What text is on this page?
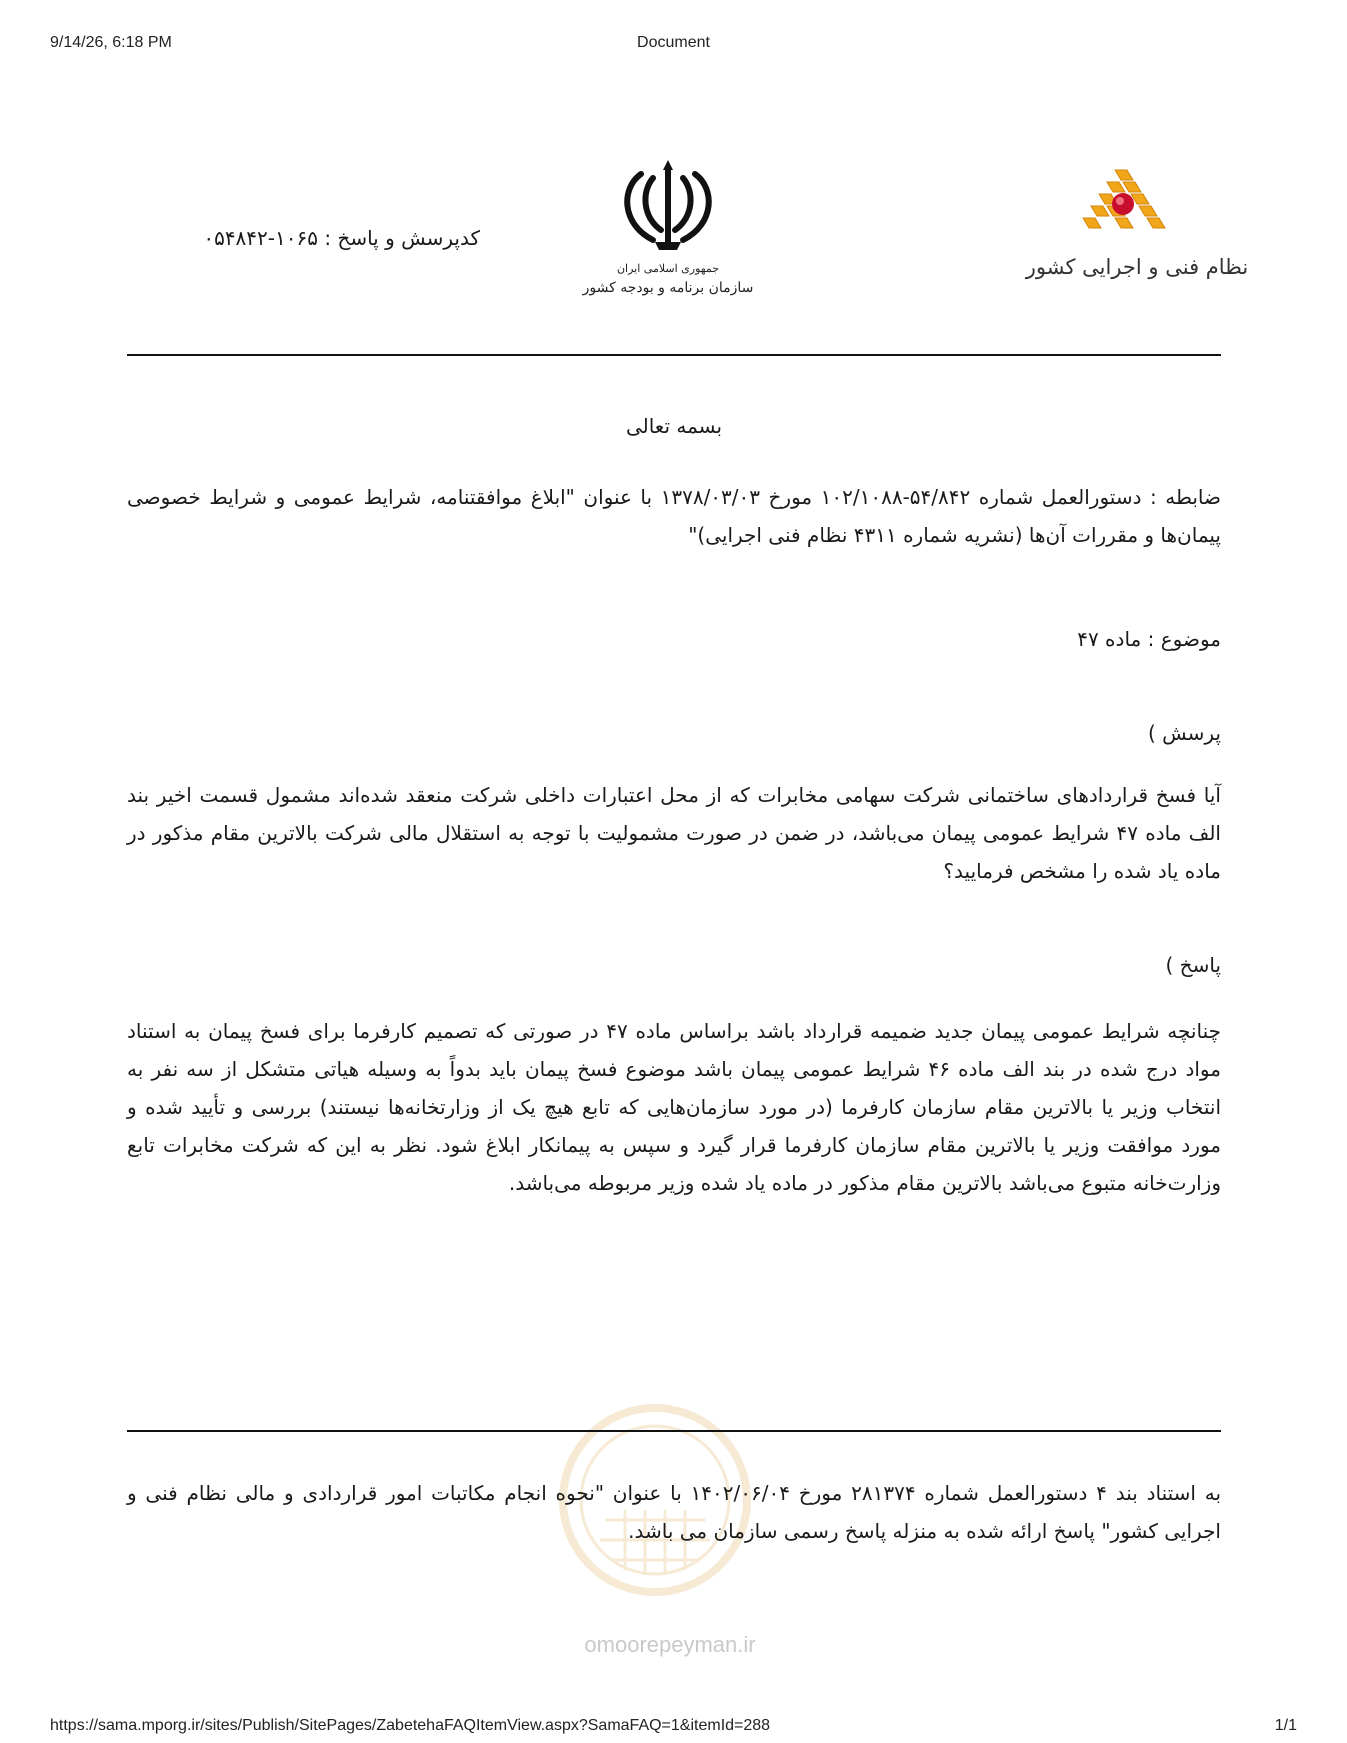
9/14/26, 6:18 PM	Document
نظام فنی و اجرایی کشور
جمهوری اسلامی ایران
سازمان برنامه و بودجه کشور
کدپرسش و پاسخ : ۱۰۶۵-۰۵۴۸۴۲
بسمه تعالی
ضابطه : دستورالعمل شماره ۵۴/۸۴۲-۱۰۲/۱۰۸۸ مورخ ۱۳۷۸/۰۳/۰۳ با عنوان "ابلاغ موافقتنامه، شرایط عمومی و شرایط خصوصی پیمان‌ها و مقررات آن‌ها (نشریه شماره ۴۳۱۱ نظام فنی اجرایی)"
موضوع : ماده ۴۷
پرسش )
آیا فسخ قراردادهای ساختمانی شرکت سهامی مخابرات که از محل اعتبارات داخلی شرکت منعقد شده‌اند مشمول قسمت اخیر بند الف ماده ۴۷ شرایط عمومی پیمان می‌باشد، در ضمن در صورت مشمولیت با توجه به استقلال مالی شرکت بالاترین مقام مذکور در ماده یاد شده را مشخص فرمایید؟
پاسخ )
چنانچه شرایط عمومی پیمان جدید ضمیمه قرارداد باشد براساس ماده ۴۷ در صورتی که تصمیم کارفرما برای فسخ پیمان به استناد مواد درج شده در بند الف ماده ۴۶ شرایط عمومی پیمان باشد موضوع فسخ پیمان باید بدواً به وسیله هیاتی متشکل از سه نفر به انتخاب وزیر یا بالاترین مقام سازمان کارفرما (در مورد سازمان‌هایی که تابع هیچ یک از وزارتخانه‌ها نیستند) بررسی و تأیید شده و مورد موافقت وزیر یا بالاترین مقام سازمان کارفرما قرار گیرد و سپس به پیمانکار ابلاغ شود. نظر به این که شرکت مخابرات تابع وزارت‌خانه متبوع می‌باشد بالاترین مقام مذکور در ماده یاد شده وزیر مربوطه می‌باشد.
omoorepeyman.ir
به استناد بند ۴ دستورالعمل شماره ۲۸۱۳۷۴ مورخ ۱۴۰۲/۰۶/۰۴ با عنوان "نحوه انجام مکاتبات امور قراردادی و مالی نظام فنی و اجرایی کشور" پاسخ ارائه شده به منزله پاسخ رسمی سازمان می باشد.
https://sama.mporg.ir/sites/Publish/SitePages/ZabetehaFAQItemView.aspx?SamaFAQ=1&itemId=288	1/1
